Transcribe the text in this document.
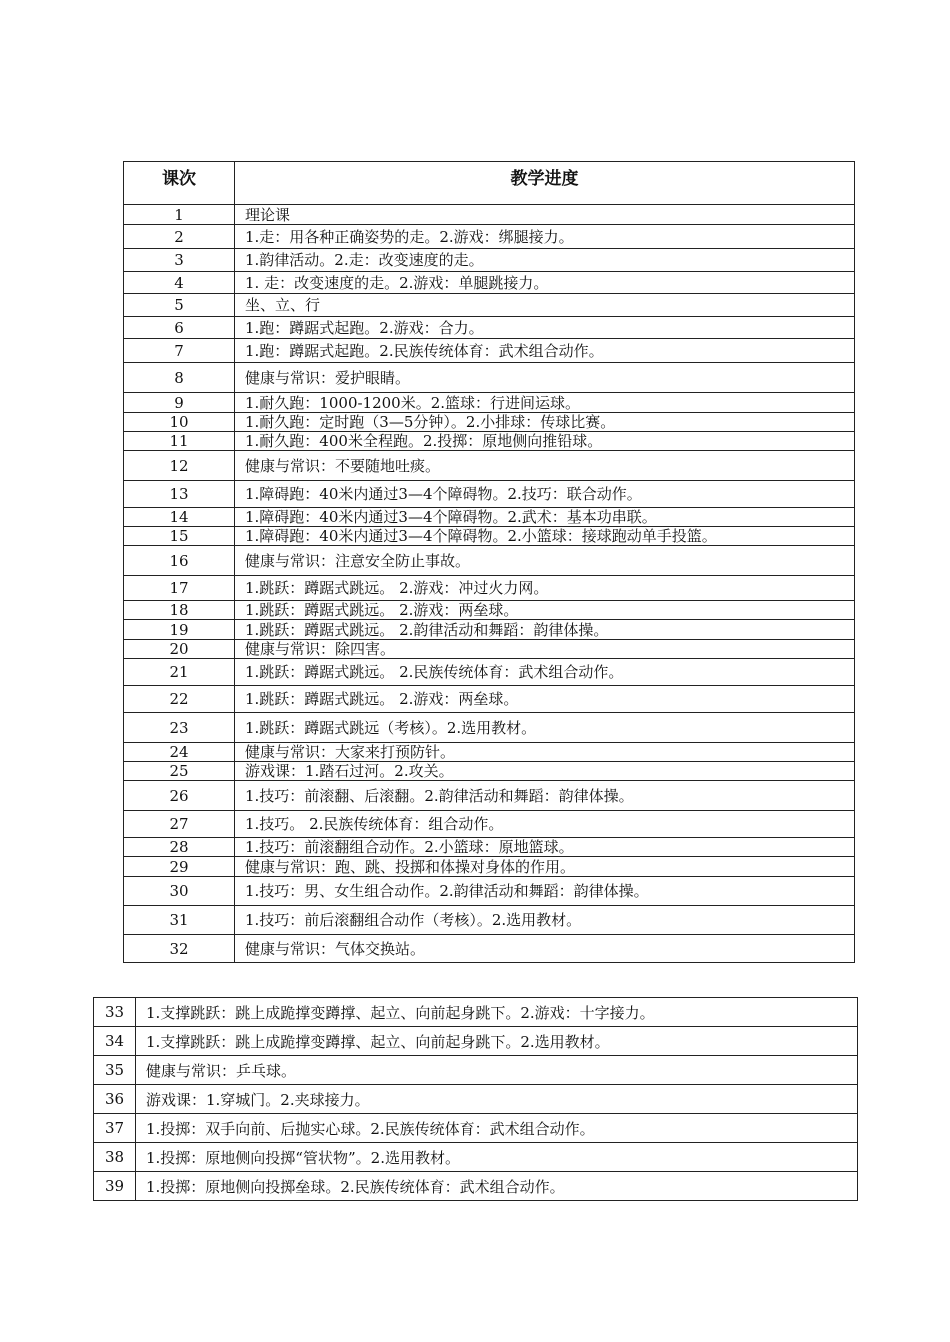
课次	教学进度
1	理论课
2	1.走：用各种正确姿势的走。2.游戏：绑腿接力。
3	1.韵律活动。2.走：改变速度的走。
4	1. 走：改变速度的走。2.游戏：单腿跳接力。
5	坐、立、行
6	1.跑：蹲踞式起跑。2.游戏：合力。
7	1.跑：蹲踞式起跑。2.民族传统体育：武术组合动作。
8	健康与常识：爱护眼睛。
9	1.耐久跑：1000-1200米。2.篮球：行进间运球。
10	1.耐久跑：定时跑（3—5分钟）。2.小排球：传球比赛。
11	1.耐久跑：400米全程跑。2.投掷：原地侧向推铅球。
12	健康与常识：不要随地吐痰。
13	1.障碍跑：40米内通过3—4个障碍物。2.技巧：联合动作。
14	1.障碍跑：40米内通过3—4个障碍物。2.武术：基本功串联。
15	1.障碍跑：40米内通过3—4个障碍物。2.小篮球：接球跑动单手投篮。
16	健康与常识：注意安全防止事故。
17	1.跳跃：蹲踞式跳远。 2.游戏：冲过火力网。
18	1.跳跃：蹲踞式跳远。 2.游戏：两垒球。
19	1.跳跃：蹲踞式跳远。 2.韵律活动和舞蹈：韵律体操。
20	健康与常识：除四害。
21	1.跳跃：蹲踞式跳远。 2.民族传统体育：武术组合动作。
22	1.跳跃：蹲踞式跳远。 2.游戏：两垒球。
23	1.跳跃：蹲踞式跳远（考核）。2.选用教材。
24	健康与常识：大家来打预防针。
25	游戏课：1.踏石过河。2.攻关。
26	1.技巧：前滚翻、后滚翻。2.韵律活动和舞蹈：韵律体操。
27	1.技巧。 2.民族传统体育：组合动作。
28	1.技巧：前滚翻组合动作。2.小篮球：原地篮球。
29	健康与常识：跑、跳、投掷和体操对身体的作用。
30	1.技巧：男、女生组合动作。2.韵律活动和舞蹈：韵律体操。
31	1.技巧：前后滚翻组合动作（考核）。2.选用教材。
32	健康与常识：气体交换站。
33	1.支撑跳跃：跳上成跪撑变蹲撑、起立、向前起身跳下。2.游戏：十字接力。
34	1.支撑跳跃：跳上成跪撑变蹲撑、起立、向前起身跳下。2.选用教材。
35	健康与常识：乒乓球。
36	游戏课：1.穿城门。2.夹球接力。
37	1.投掷：双手向前、后抛实心球。2.民族传统体育：武术组合动作。
38	1.投掷：原地侧向投掷“管状物”。2.选用教材。
39	1.投掷：原地侧向投掷垒球。2.民族传统体育：武术组合动作。
